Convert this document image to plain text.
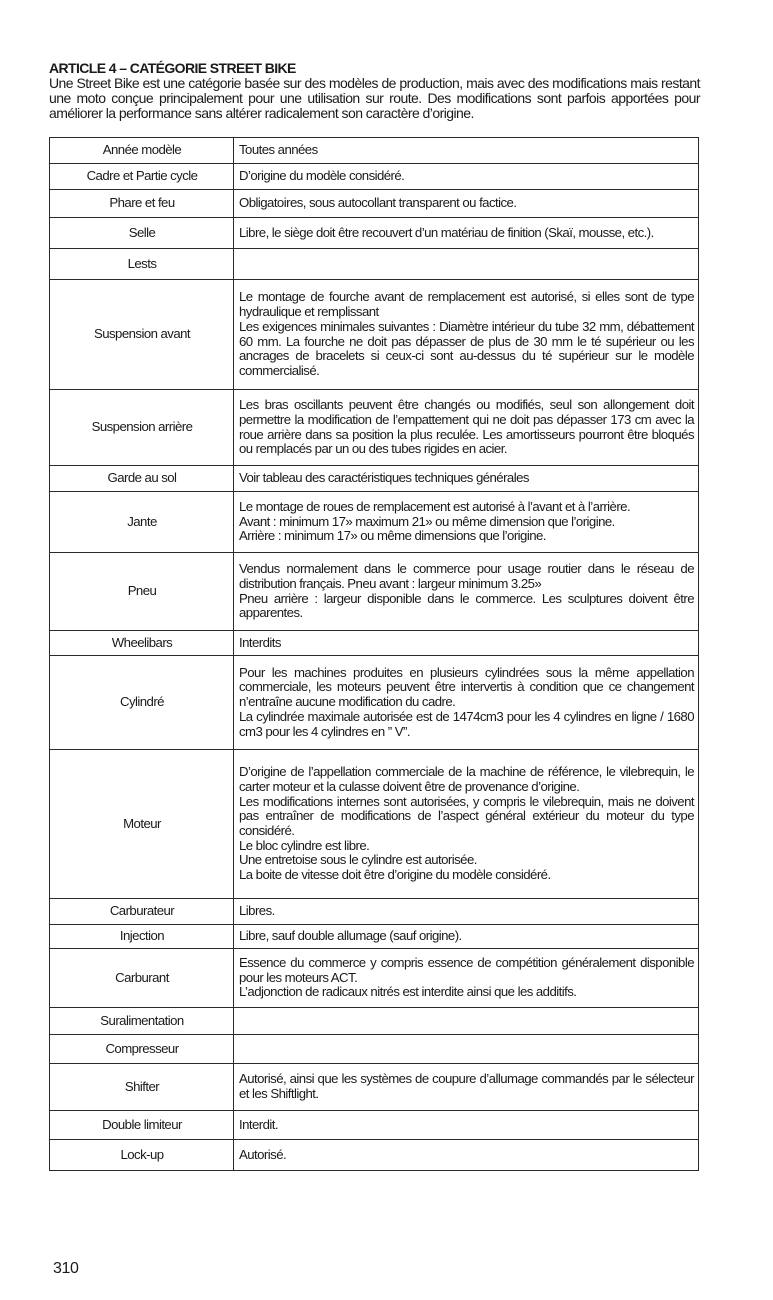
ARTICLE 4 – CATÉGORIE STREET BIKE

Une Street Bike est une catégorie basée sur des modèles de production, mais avec des modifications mais restant une moto conçue principalement pour une utilisation sur route. Des modifications sont parfois apportées pour améliorer la performance sans altérer radicalement son caractère d’origine.

Année modèle	Toutes années

Cadre et Partie cycle	D’origine du modèle considéré.

Phare et feu	Obligatoires, sous autocollant transparent ou factice.

Selle	Libre, le siège doit être recouvert d’un matériau de finition (Skaï, mousse, etc.).

Lests	
Suspension avant	Le montage de fourche avant de remplacement est autorisé, si elles sont de type hydraulique et remplissant
Les exigences minimales suivantes : Diamètre intérieur du tube 32 mm, débattement 60 mm. La fourche ne doit pas dépasser de plus de 30 mm le té supérieur ou les ancrages de bracelets si ceux-ci sont au-dessus du té supérieur sur le modèle commercialisé.

Suspension arrière	Les bras oscillants peuvent être changés ou modifiés, seul son allongement doit permettre la modification de l’empattement qui ne doit pas dépasser 173 cm avec la roue arrière dans sa position la plus reculée. Les amortisseurs pourront être bloqués ou remplacés par un ou des tubes rigides en acier.

Garde au sol	Voir tableau des caractéristiques techniques générales

Jante	Le montage de roues de remplacement est autorisé à l’avant et à l’arrière.
Avant : minimum 17» maximum 21» ou même dimension que l’origine.
Arrière : minimum 17» ou même dimensions que l’origine.

Pneu	Vendus normalement dans le commerce pour usage routier dans le réseau de distribution français. Pneu avant : largeur minimum 3.25»
Pneu arrière : largeur disponible dans le commerce. Les sculptures doivent être apparentes.

Wheelibars	Interdits

Cylindré	Pour les machines produites en plusieurs cylindrées sous la même appellation commerciale, les moteurs peuvent être intervertis à condition que ce changement n’entraîne aucune modification du cadre.
La cylindrée maximale autorisée est de 1474cm3 pour les 4 cylindres en ligne / 1680 cm3 pour les 4 cylindres en ” V”.

Moteur	D’origine de l’appellation commerciale de la machine de référence, le vilebrequin, le carter moteur et la culasse doivent être de provenance d’origine.
Les modifications internes sont autorisées, y compris le vilebrequin, mais ne doivent pas entraîner de modifications de l’aspect général extérieur du moteur du type considéré.
Le bloc cylindre est libre.
Une entretoise sous le cylindre est autorisée.
La boite de vitesse doit être d’origine du modèle considéré.

Carburateur	Libres.

Injection	Libre, sauf double allumage (sauf origine).

Carburant	Essence du commerce y compris essence de compétition généralement disponible pour les moteurs ACT.
L’adjonction de radicaux nitrés est interdite ainsi que les additifs.

Suralimentation	
Compresseur	
Shifter	Autorisé, ainsi que les systèmes de coupure d’allumage commandés par le sélecteur et les Shiftlight.

Double limiteur	Interdit.

Lock-up	Autorisé.
310
